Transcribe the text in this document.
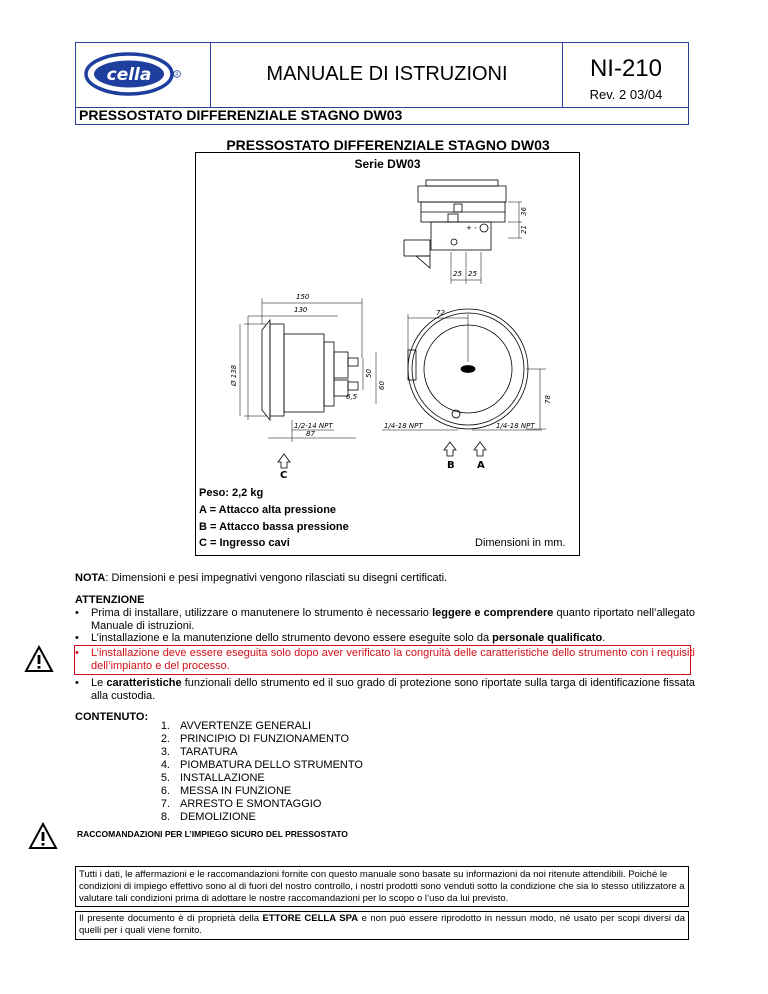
cella	R	MANUALE DI ISTRUZIONI	NI-210
Rev. 2 03/04
PRESSOSTATO DIFFERENZIALE STAGNO DW03
PRESSOSTATO DIFFERENZIALE STAGNO DW03
Serie DW03
36
21
25 25
+ -
150
130
Ø 138	50
60
6,5
1/2-14 NPT
87
72
78
1/4-18 NPT	1/4-18 NPT
C
B A
Peso: 2,2 kg
A = Attacco alta pressione
B = Attacco bassa pressione
C = Ingresso cavi	Dimensioni in mm.
NOTA: Dimensioni e pesi impegnativi vengono rilasciati su disegni certificati.
ATTENZIONE
• Prima di installare, utilizzare o manutenere lo strumento è necessario leggere e comprendere quanto riportato nell’allegato Manuale di istruzioni.
• L’installazione e la manutenzione dello strumento devono essere eseguite solo da personale qualificato.
• L’installazione deve essere eseguita solo dopo aver verificato la congruità delle caratteristiche dello strumento con i requisiti dell’impianto e del processo.
• Le caratteristiche funzionali dello strumento ed il suo grado di protezione sono riportate sulla targa di identificazione fissata alla custodia.
CONTENUTO:
1. AVVERTENZE GENERALI
2. PRINCIPIO DI FUNZIONAMENTO
3. TARATURA
4. PIOMBATURA DELLO STRUMENTO
5. INSTALLAZIONE
6. MESSA IN FUNZIONE
7. ARRESTO E SMONTAGGIO
8. DEMOLIZIONE
RACCOMANDAZIONI PER L’IMPIEGO SICURO DEL PRESSOSTATO
Tutti i dati, le affermazioni e le raccomandazioni fornite con questo manuale sono basate su informazioni da noi ritenute attendibili. Poiché le condizioni di impiego effettivo sono al di fuori del nostro controllo, i nostri prodotti sono venduti sotto la condizione che sia lo stesso utilizzatore a valutare tali condizioni prima di adottare le nostre raccomandazioni per lo scopo o l’uso da lui previsto.
Il presente documento è di proprietà della ETTORE CELLA SPA e non può essere riprodotto in nessun modo, né usato per scopi diversi da quelli per i quali viene fornito.
